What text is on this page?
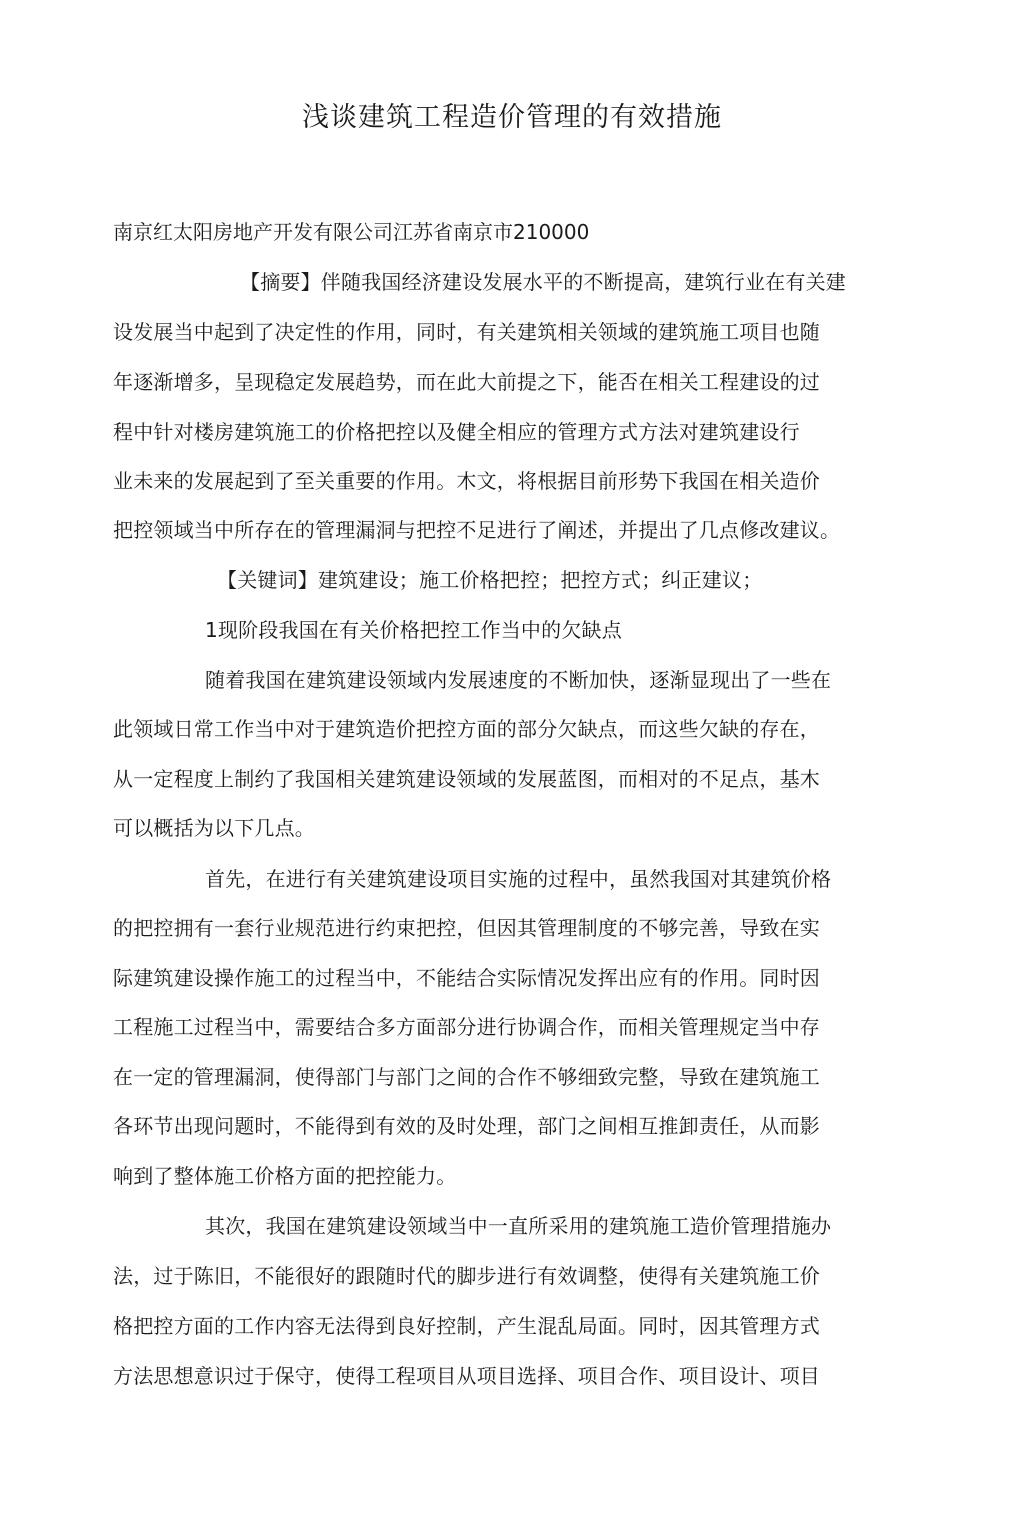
浅谈建筑工程造价管理的有效措施
南京红太阳房地产开发有限公司江苏省南京市210000
【摘要】伴随我国经济建设发展水平的不断提高，建筑行业在有关建
设发展当中起到了决定性的作用，同时，有关建筑相关领域的建筑施工项目也随
年逐渐增多，呈现稳定发展趋势，而在此大前提之下，能否在相关工程建设的过
程中针对楼房建筑施工的价格把控以及健全相应的管理方式方法对建筑建设行
业未来的发展起到了至关重要的作用。木文，将根据目前形势下我国在相关造价
把控领域当中所存在的管理漏洞与把控不足进行了阐述，并提出了几点修改建议。
【关键词】建筑建设；施工价格把控；把控方式；纠正建议；
1现阶段我国在有关价格把控工作当中的欠缺点
随着我国在建筑建设领域内发展速度的不断加快，逐渐显现出了一些在
此领域日常工作当中对于建筑造价把控方面的部分欠缺点，而这些欠缺的存在，
从一定程度上制约了我国相关建筑建设领域的发展蓝图，而相对的不足点，基木
可以概括为以下几点。
首先，在进行有关建筑建设项目实施的过程中，虽然我国对其建筑价格
的把控拥有一套行业规范进行约束把控，但因其管理制度的不够完善，导致在实
际建筑建设操作施工的过程当中，不能结合实际情况发挥出应有的作用。同时因
工程施工过程当中，需要结合多方面部分进行协调合作，而相关管理规定当中存
在一定的管理漏洞，使得部门与部门之间的合作不够细致完整，导致在建筑施工
各环节出现问题时，不能得到有效的及时处理，部门之间相互推卸责任，从而影
响到了整体施工价格方面的把控能力。
其次，我国在建筑建设领域当中一直所采用的建筑施工造价管理措施办
法，过于陈旧，不能很好的跟随时代的脚步进行有效调整，使得有关建筑施工价
格把控方面的工作内容无法得到良好控制，产生混乱局面。同时，因其管理方式
方法思想意识过于保守，使得工程项目从项目选择、项目合作、项目设计、项目
